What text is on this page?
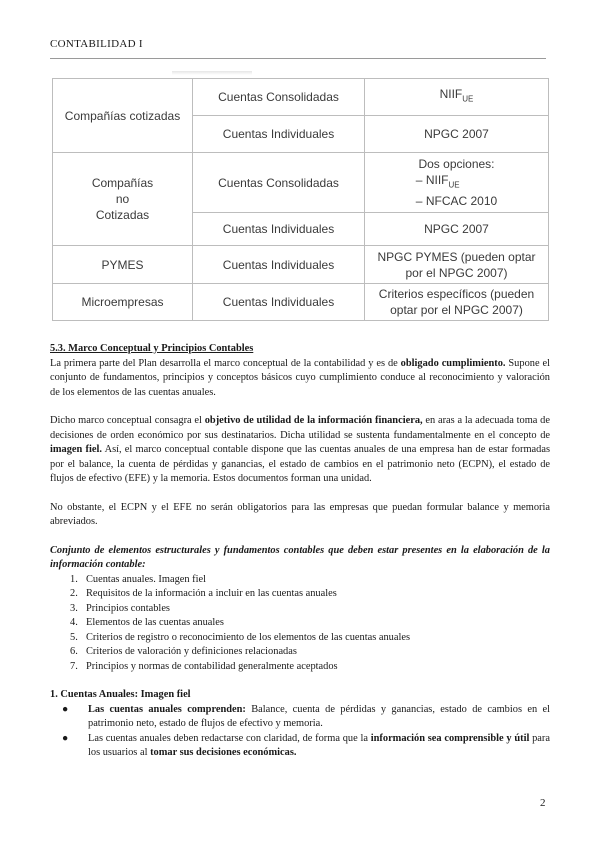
CONTABILIDAD I
Compañías cotizadas	Cuentas Consolidadas	$NIIF_{UE}$
	Cuentas Individuales	NPGC 2007

Compañías
no
Cotizadas	Cuentas Consolidadas	Dos opciones:
– $NIIF_{UE}$
– NFCAC 2010

	Cuentas Individuales	NPGC 2007
PYMES	Cuentas Individuales	NPGC PYMES (pueden optar
por el NPGC 2007)

Microempresas	Cuentas Individuales	Criterios específicos (pueden
optar por el NPGC 2007)

5.3. Marco Conceptual y Principios Contables

La primera parte del Plan desarrolla el marco conceptual de la contabilidad y es de obligado cumplimiento. Supone el conjunto de fundamentos, principios y conceptos básicos cuyo cumplimiento conduce al reconocimiento y valoración de los elementos de las cuentas anuales.

Dicho marco conceptual consagra el objetivo de utilidad de la información financiera, en aras a la adecuada toma de decisiones de orden económico por sus destinatarios. Dicha utilidad se sustenta fundamentalmente en el concepto de imagen fiel. Así, el marco conceptual contable dispone que las cuentas anuales de una empresa han de estar formadas por el balance, la cuenta de pérdidas y ganancias, el estado de cambios en el patrimonio neto (ECPN), el estado de flujos de efectivo (EFE) y la memoria. Estos documentos forman una unidad.

No obstante, el ECPN y el EFE no serán obligatorios para las empresas que puedan formular balance y memoria abreviados.

Conjunto de elementos estructurales y fundamentos contables que deben estar presentes en la elaboración de la información contable:

1. Cuentas anuales. Imagen fiel
2. Requisitos de la información a incluir en las cuentas anuales
3. Principios contables
4. Elementos de las cuentas anuales
5. Criterios de registro o reconocimiento de los elementos de las cuentas anuales
6. Criterios de valoración y definiciones relacionadas
7. Principios y normas de contabilidad generalmente aceptados

1. Cuentas Anuales: Imagen fiel

● Las cuentas anuales comprenden: Balance, cuenta de pérdidas y ganancias, estado de cambios en el patrimonio neto, estado de flujos de efectivo y memoria.
● Las cuentas anuales deben redactarse con claridad, de forma que la información sea comprensible y útil para los usuarios al tomar sus decisiones económicas.
2
